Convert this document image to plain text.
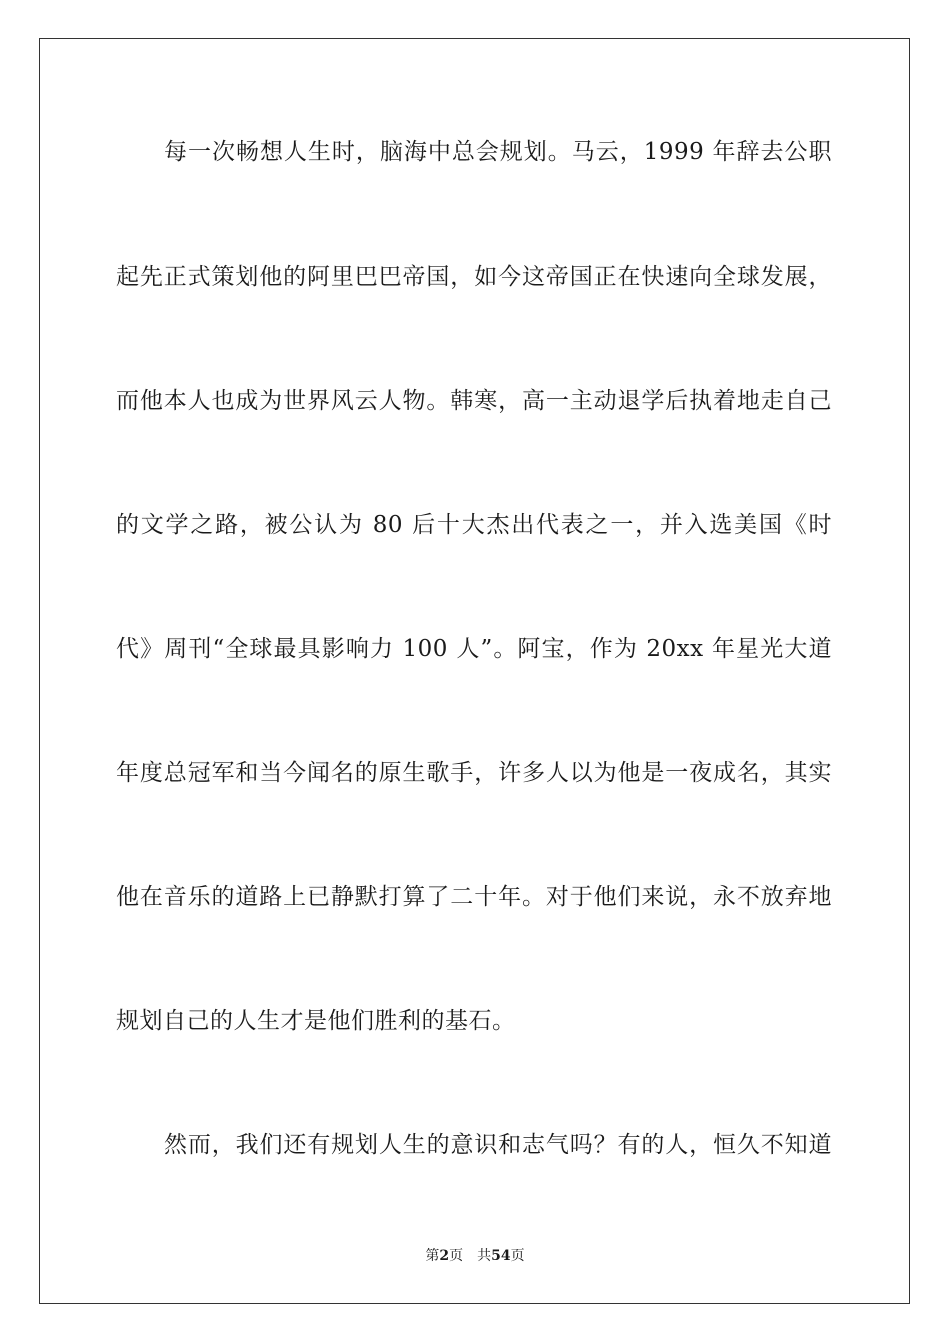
每一次畅想人生时，脑海中总会规划。马云，1999 年辞去公职
起先正式策划他的阿里巴巴帝国，如今这帝国正在快速向全球发展，
而他本人也成为世界风云人物。韩寒，高一主动退学后执着地走自己
的文学之路，被公认为 80 后十大杰出代表之一，并入选美国《时
代》周刊“全球最具影响力 100 人”。阿宝，作为 20xx 年星光大道
年度总冠军和当今闻名的原生歌手，许多人以为他是一夜成名，其实
他在音乐的道路上已静默打算了二十年。对于他们来说，永不放弃地
规划自己的人生才是他们胜利的基石。
然而，我们还有规划人生的意识和志气吗？有的人，恒久不知道
第2页 共54页
